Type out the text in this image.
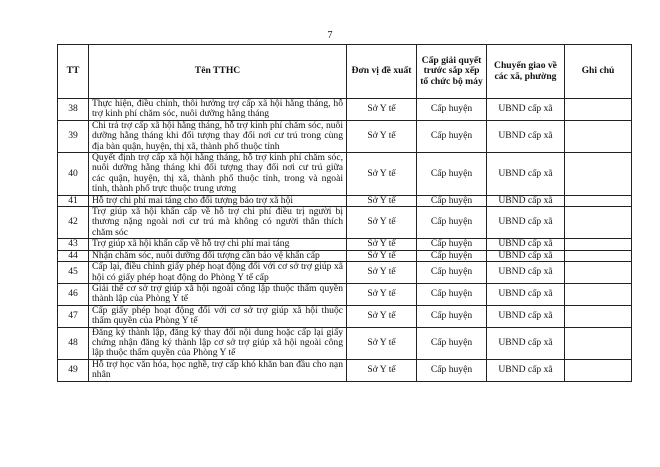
7
TT	Tên TTHC	Đơn vị đề xuất	Cấp giải quyết trước sắp xếp tổ chức bộ máy	Chuyển giao về các xã, phường	Ghi chú
38	Thực hiện, điều chỉnh, thôi hưởng trợ cấp xã hội hằng tháng, hỗ trợ kinh phí chăm sóc, nuôi dưỡng hằng tháng	Sở Y tế	Cấp huyện	UBND cấp xã	
39	Chi trả trợ cấp xã hội hằng tháng, hỗ trợ kinh phí chăm sóc, nuôi dưỡng hằng tháng khi đối tượng thay đổi nơi cư trú trong cùng địa bàn quận, huyện, thị xã, thành phố thuộc tỉnh	Sở Y tế	Cấp huyện	UBND cấp xã	
40	Quyết định trợ cấp xã hội hằng tháng, hỗ trợ kinh phí chăm sóc, nuôi dưỡng hằng tháng khi đối tượng thay đổi nơi cư trú giữa các quận, huyện, thị xã, thành phố thuộc tỉnh, trong và ngoài tỉnh, thành phố trực thuộc trung ương	Sở Y tế	Cấp huyện	UBND cấp xã	
41	Hỗ trợ chi phí mai táng cho đối tượng bảo trợ xã hội	Sở Y tế	Cấp huyện	UBND cấp xã	
42	Trợ giúp xã hội khẩn cấp về hỗ trợ chi phí điều trị người bị thương nặng ngoài nơi cư trú mà không có người thân thích chăm sóc	Sở Y tế	Cấp huyện	UBND cấp xã	
43	Trợ giúp xã hội khẩn cấp về hỗ trợ chi phí mai táng	Sở Y tế	Cấp huyện	UBND cấp xã	
44	Nhận chăm sóc, nuôi dưỡng đối tượng cần bảo vệ khẩn cấp	Sở Y tế	Cấp huyện	UBND cấp xã	
45	Cấp lại, điều chỉnh giấy phép hoạt động đối với cơ sở trợ giúp xã hội có giấy phép hoạt động do Phòng Y tế cấp	Sở Y tế	Cấp huyện	UBND cấp xã	
46	Giải thể cơ sở trợ giúp xã hội ngoài công lập thuộc thẩm quyền thành lập của Phòng Y tế	Sở Y tế	Cấp huyện	UBND cấp xã	
47	Cấp giấy phép hoạt động đối với cơ sở trợ giúp xã hội thuộc thẩm quyền của Phòng Y tế	Sở Y tế	Cấp huyện	UBND cấp xã	
48	Đăng ký thành lập, đăng ký thay đổi nội dung hoặc cấp lại giấy chứng nhận đăng ký thành lập cơ sở trợ giúp xã hội ngoài công lập thuộc thẩm quyền của Phòng Y tế	Sở Y tế	Cấp huyện	UBND cấp xã	
49	Hỗ trợ học văn hóa, học nghề, trợ cấp khó khăn ban đầu cho nạn nhân	Sở Y tế	Cấp huyện	UBND cấp xã	
